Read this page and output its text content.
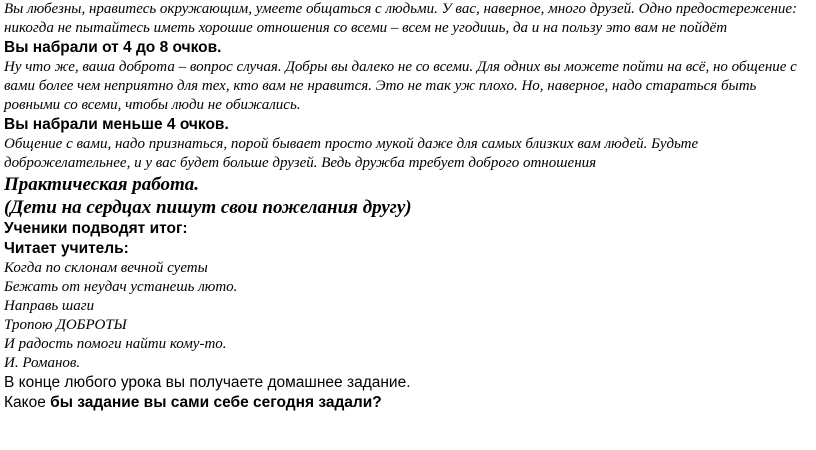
Вы любезны, нравитесь окружающим, умеете общаться с людьми. У вас, наверное, много друзей. Одно предостережение: никогда не пытайтесь иметь хорошие отношения со всеми – всем не угодишь, да и на пользу это вам не пойдёт

Вы набрали от 4 до 8 очков.

Ну что же, ваша доброта – вопрос случая. Добры вы далеко не со всеми. Для одних вы можете пойти на всё, но общение с вами более чем неприятно для тех, кто вам не нравится. Это не так уж плохо. Но, наверное, надо стараться быть ровными со всеми, чтобы люди не обижались.

Вы набрали меньше 4 очков.

Общение с вами, надо признаться, порой бывает просто мукой даже для самых близких вам людей. Будьте доброжелательнее, и у вас будет больше друзей. Ведь дружба требует доброго отношения

Практическая работа.

(Дети на сердцах пишут свои пожелания другу)

Ученики подводят итог:

Читает учитель:

Когда по склонам вечной суеты

Бежать от неудач устанешь люто.

Направь шаги

Тропою ДОБРОТЫ

И радость помоги найти кому-то.

И. Романов.

В конце любого урока вы получаете домашнее задание.

Какое бы задание вы сами себе сегодня задали?
